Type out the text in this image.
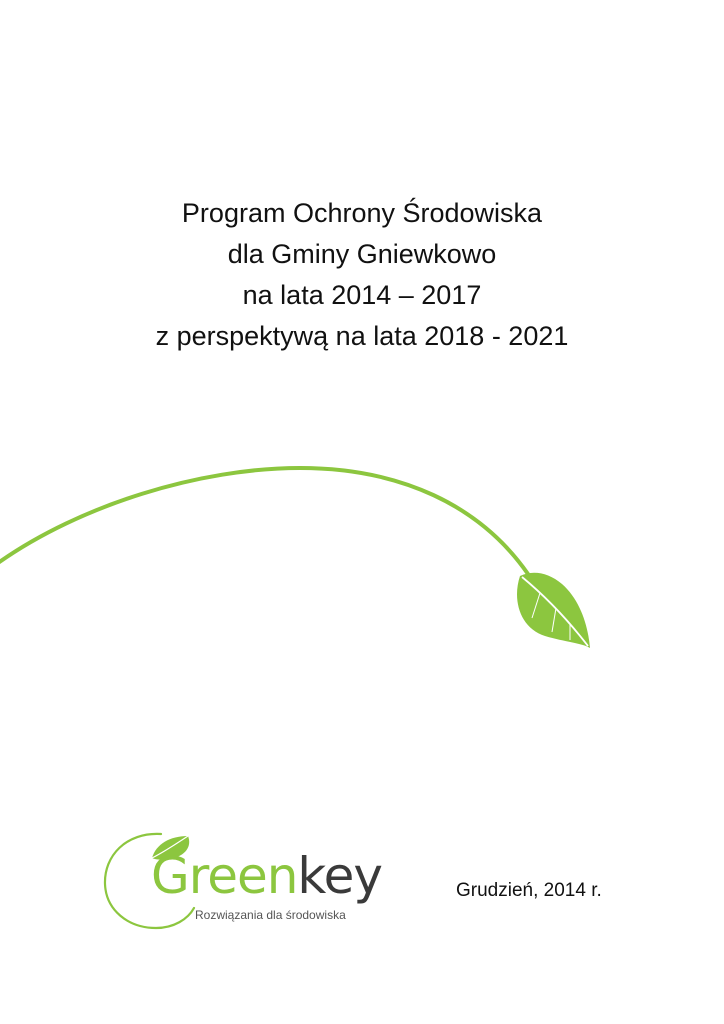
Program Ochrony Środowiska

dla Gminy Gniewkowo

na lata 2014 – 2017

z perspektywą na lata 2018 - 2021

Greenkey
Rozwiązania dla środowiska
Grudzień, 2014 r.
